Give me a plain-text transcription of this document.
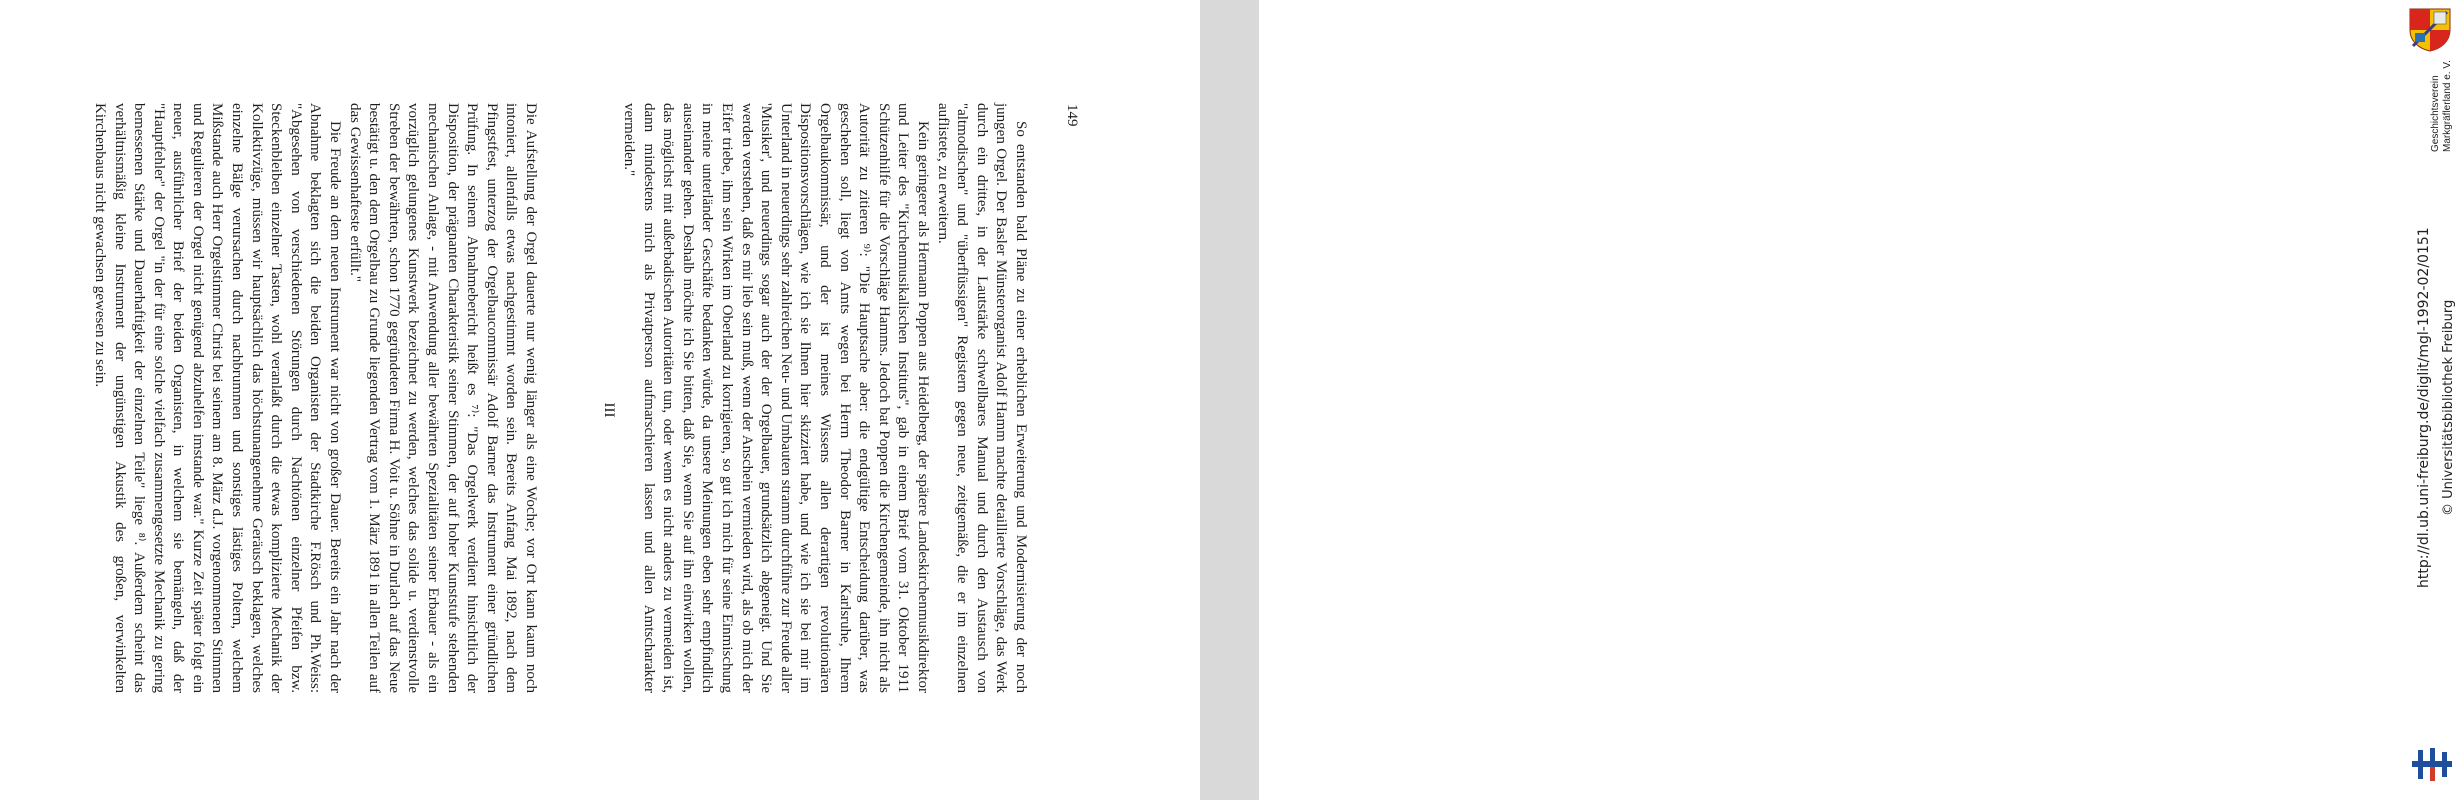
Die Aufstellung der Orgel dauerte nur wenig länger als eine Woche; vor Ort kann kaum noch intoniert, allenfalls etwas nachgestimmt worden sein. Bereits Anfang Mai 1892, nach dem Pfingstfest, unterzog der Orgelbaucommissär Adolf Barner das Instrument einer gründlichen Prüfung. In seinem Abnahmebericht heißt es ⁷⁾: "Das Orgelwerk verdient hinsichtlich der Disposition, der prägnanten Charakteristik seiner Stimmen, der auf hoher Kunststufe stehenden mechanischen Anlage, - mit Anwendung aller bewährten Spezialitäten seiner Erbauer - als ein vorzüglich gelungenes Kunstwerk bezeichnet zu werden, welches das solide u. verdienstvolle Streben der bewährten, schon 1770 gegründeten Firma H. Voit u. Söhne in Durlach auf das Neue bestätigt u. den dem Orgelbau zu Grunde liegenden Vertrag vom 1. März 1891 in allen Teilen auf das Gewissenhafteste erfüllt."

Die Freude an dem neuen Instrument war nicht von großer Dauer. Bereits ein Jahr nach der Abnahme beklagten sich die beiden Organisten der Stadtkirche F.Rösch und Ph.Weiss: "Abgesehen von verschiedenen Störungen durch Nachtönen einzelner Pfeifen bzw. Steckenbleiben einzelner Tasten, wohl veranlaßt durch die etwas komplizierte Mechanik der Kollektivzüge, müssen wir hauptsächlich das höchstunangenehme Geräusch beklagen, welches einzelne Bälge verursachen durch nachbrummen und sonstiges lästiges Poltern, welchem Mißstande auch Herr Orgelstimmer Christ bei seinem am 8. März d.J. vorgenommenen Stimmen und Regulieren der Orgel nicht genügend abzuhelfen imstande war." Kurze Zeit später folgt ein neuer, ausführlicher Brief der beiden Organisten, in welchem sie bemängeln, daß der "Hauptfehler" der Orgel "in der für eine solche vielfach zusammengesetzte Mechanik zu gering bemessenen Stärke und Dauerhaftigkeit der einzelnen Teile" liege ⁸⁾. Außerdem scheint das verhältnismäßig kleine Instrument der ungünstigen Akustik des großen, verwinkelten Kirchenbaus nicht gewachsen gewesen zu sein.

III	So entstanden bald Pläne zu einer erheblichen Erweiterung und Modernisierung der noch jungen Orgel. Der Basler Münsterorganist Adolf Hamm machte detaillierte Vorschläge, das Werk durch ein drittes, in der Lautstärke schwellbares Manual und durch den Austausch von "altmodischen" und "überflüssigen" Registern gegen neue, zeitgemäße, die er im einzelnen auflistete, zu erweitern.

Kein geringerer als Hermann Poppen aus Heidelberg, der spätere Landeskirchenmusikdirektor und Leiter des "Kirchenmusikalischen Instituts", gab in einem Brief vom 31. Oktober 1911 Schützenhilfe für die Vorschläge Hamms. Jedoch bat Poppen die Kirchengemeinde, ihn nicht als Autorität zu zitieren ⁹⁾: "Die Hauptsache aber: die endgültige Entscheidung darüber, was geschehen soll, liegt von Amts wegen bei Herrn Theodor Barner in Karlsruhe, Ihrem Orgelbaukommissär, und der ist meines Wissens allen derartigen revolutionären Dispositionsvorschlägen, wie ich sie Ihnen hier skizziert habe, und wie ich sie bei mir im Unterland in neuerdings sehr zahlreichen Neu- und Umbauten stramm durchführe zur Freude aller 'Musiker', und neuerdings sogar auch der der Orgelbauer, grundsätzlich abgeneigt. Und Sie werden verstehen, daß es mir lieb sein muß, wenn der Anschein vermieden wird, als ob mich der Eifer triebe, ihm sein Wirken im Oberland zu korrigieren, so gut ich mich für seine Einmischung in meine unterländer Geschäfte bedanken würde, da unsere Meinungen eben sehr empfindlich auseinander gehen. Deshalb möchte ich Sie bitten, daß Sie, wenn Sie auf ihn einwirken wollen, das möglichst mit außerbadischen Autoritäten tun, oder wenn es nicht anders zu vermeiden ist, dann mindestens mich als Privatperson aufmarschieren lassen und allen Amtscharakter vermeiden."	149	Geschichtsverein Markgräflerland e. V.
© Universitätsbibliothek Freiburg
http://dl.ub.uni-freiburg.de/diglit/mgl-1992-02/0151
